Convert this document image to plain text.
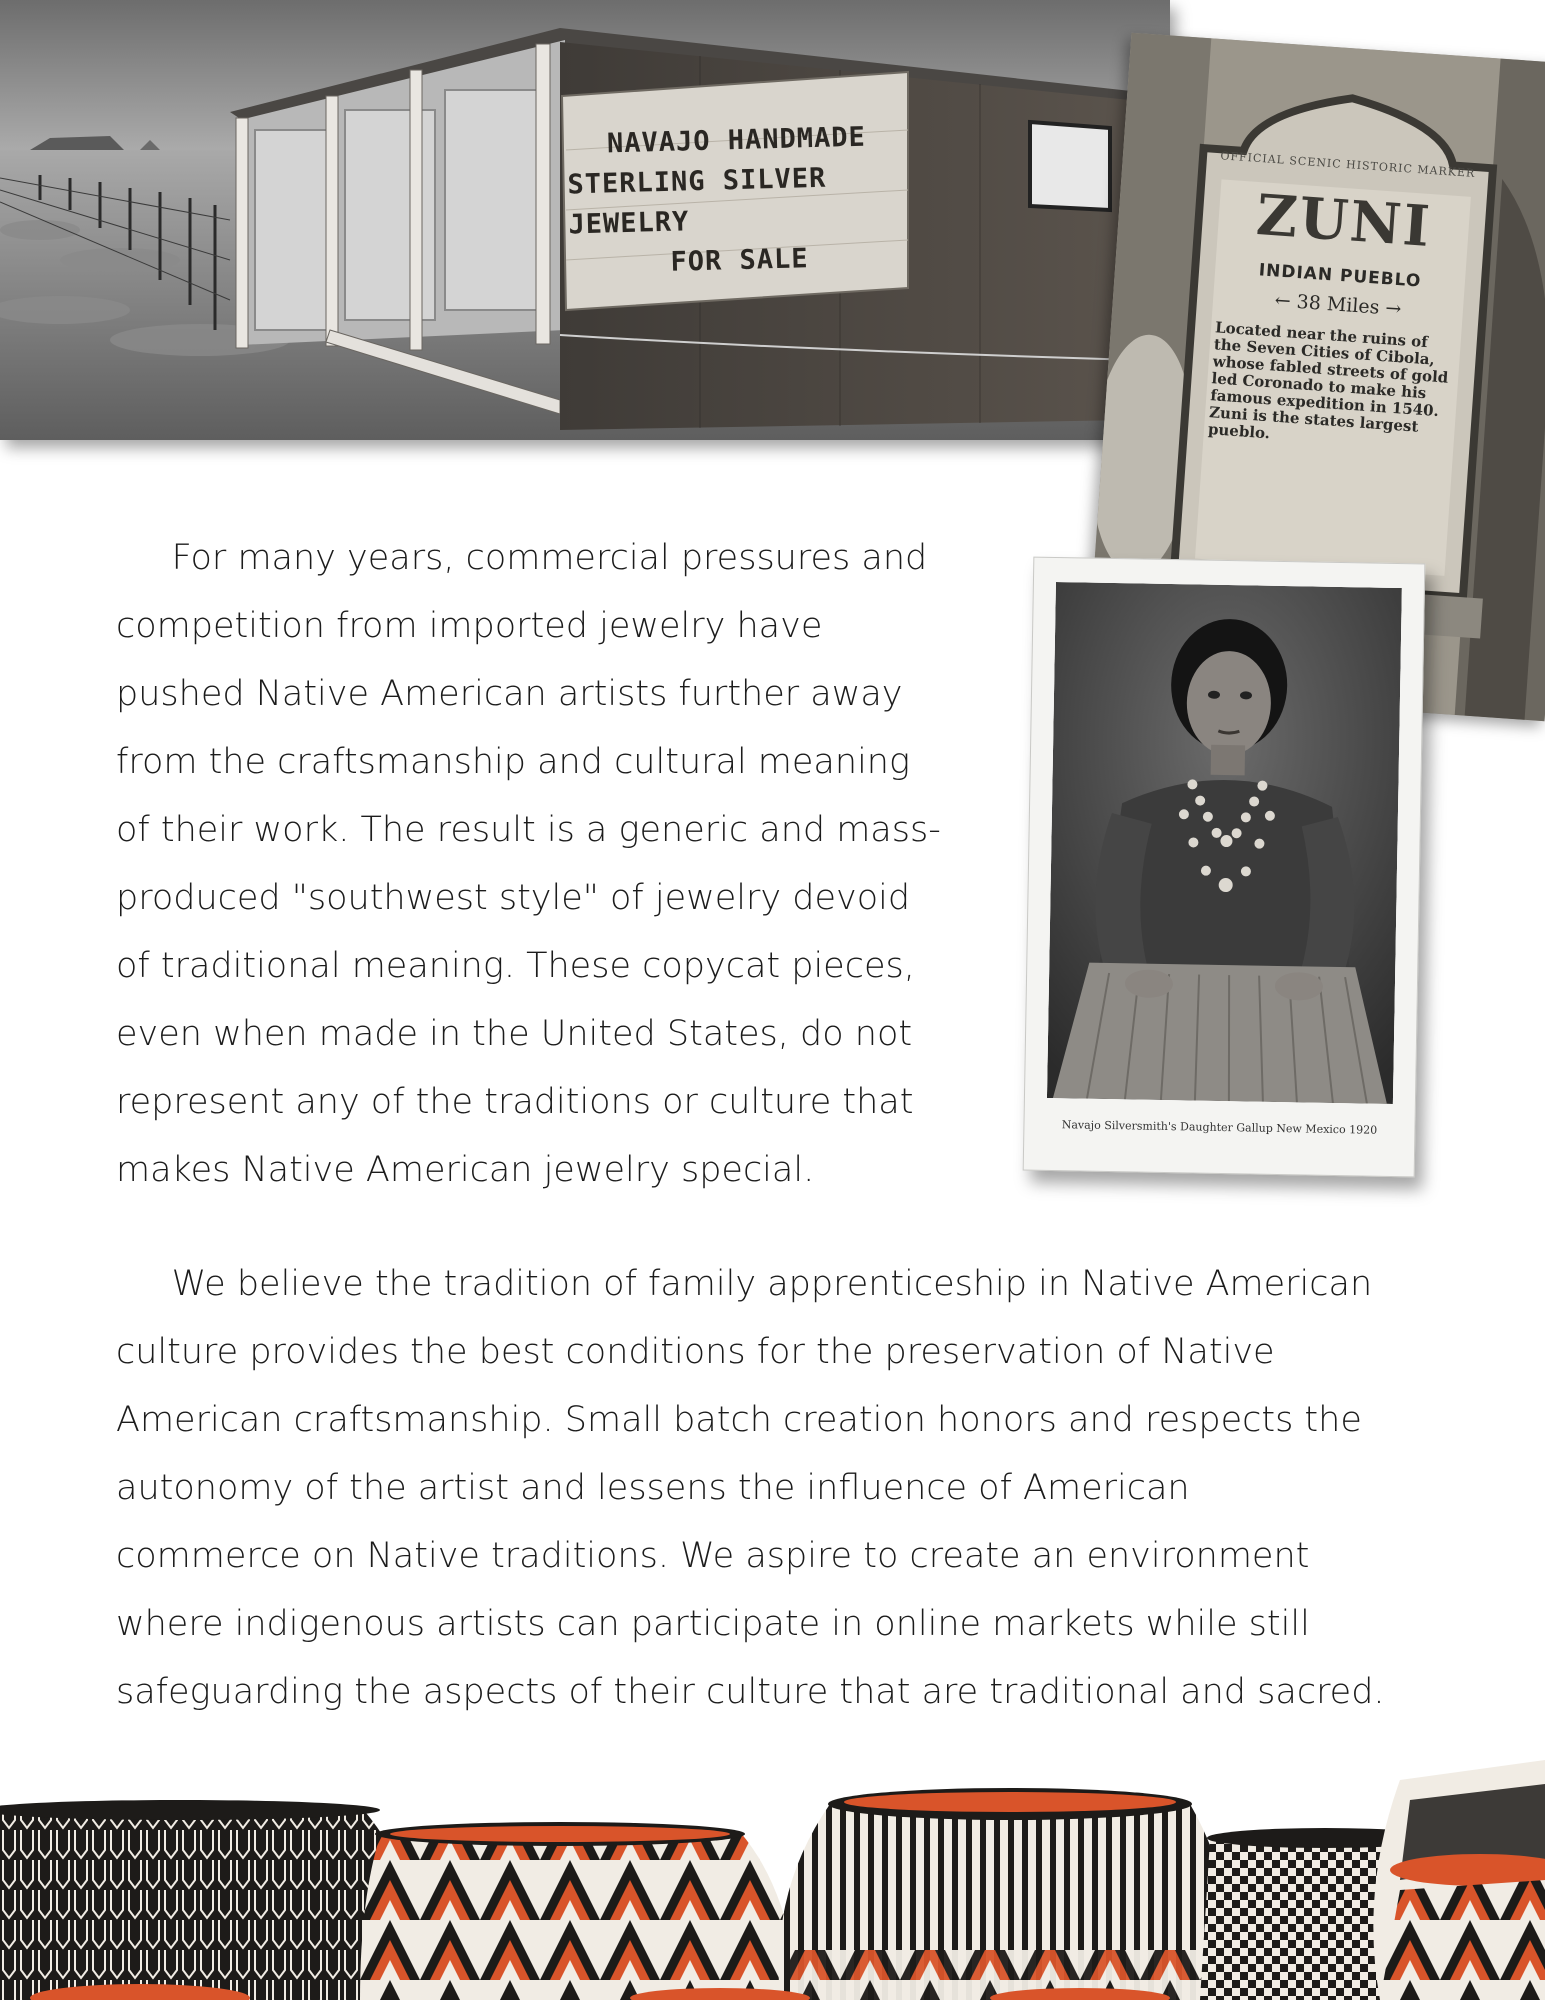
NAVAJO HANDMADE
STERLING SILVER JEWELRY
FOR SALE
OFFICIAL SCENIC HISTORIC MARKER
ZUNI
INDIAN PUEBLO
← 38 Miles →
Located near the ruins of the Seven Cities of Cibola, whose fabled streets of gold led Coronado to make his famous expedition in 1540. Zuni is the states largest pueblo.
Navajo Silversmith's Daughter Gallup New Mexico 1920

For many years, commercial pressures and
competition from imported jewelry have
pushed Native American artists further away
from the craftsmanship and cultural meaning
of their work. The result is a generic and mass-
produced "southwest style" of jewelry devoid
of traditional meaning. These copycat pieces,
even when made in the United States, do not
represent any of the traditions or culture that
makes Native American jewelry special.

We believe the tradition of family apprenticeship in Native American
culture provides the best conditions for the preservation of Native
American craftsmanship. Small batch creation honors and respects the
autonomy of the artist and lessens the influence of American
commerce on Native traditions. We aspire to create an environment
where indigenous artists can participate in online markets while still
safeguarding the aspects of their culture that are traditional and sacred.
